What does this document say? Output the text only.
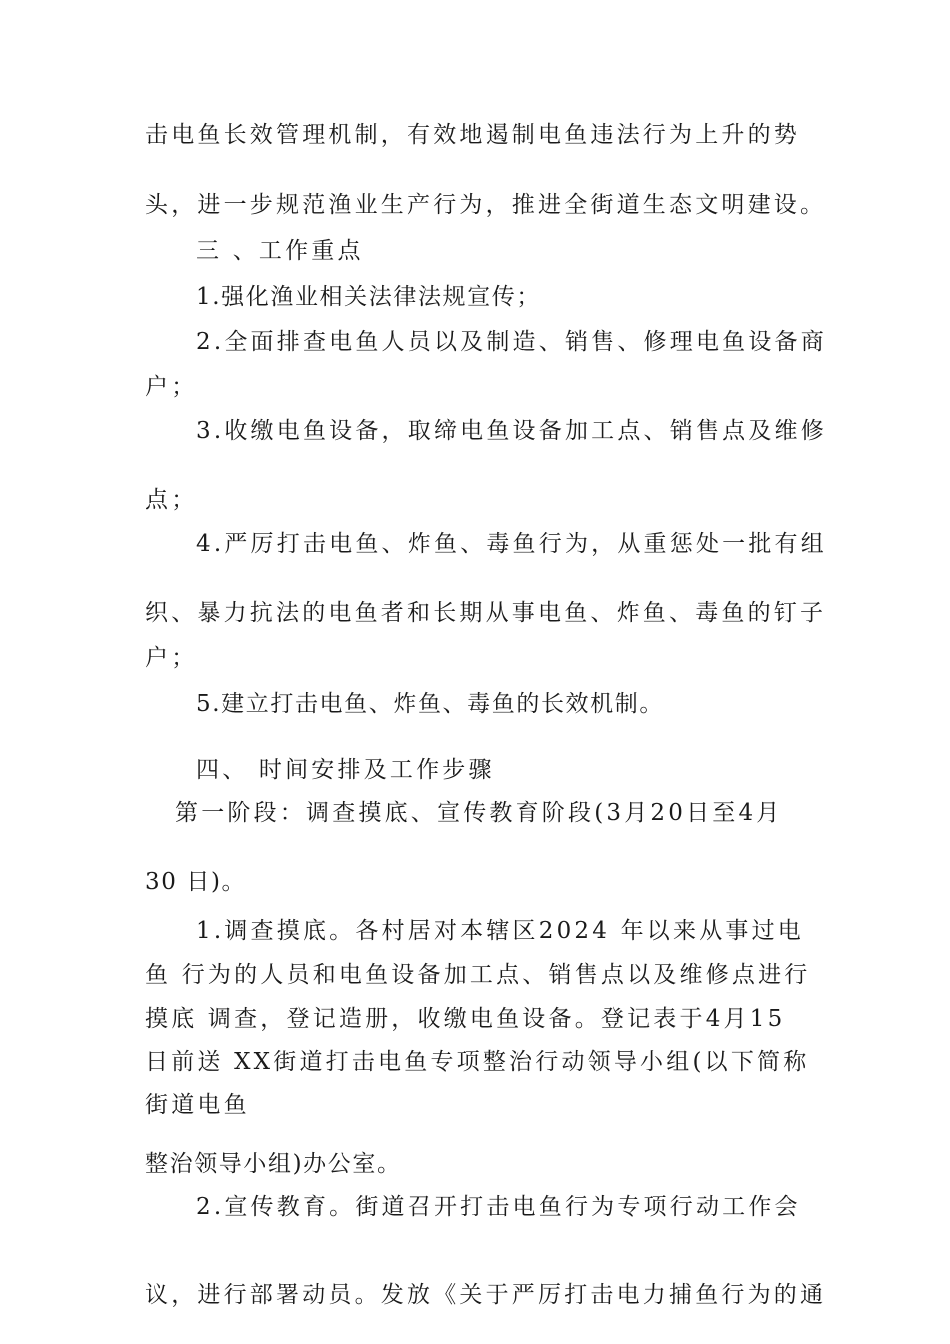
击电鱼长效管理机制，有效地遏制电鱼违法行为上升的势
头，进一步规范渔业生产行为，推进全街道生态文明建设。
三 、工作重点
1.强化渔业相关法律法规宣传；
2.全面排查电鱼人员以及制造、销售、修理电鱼设备商
户；
3.收缴电鱼设备，取缔电鱼设备加工点、销售点及维修
点；
4.严厉打击电鱼、炸鱼、毒鱼行为，从重惩处一批有组
织、暴力抗法的电鱼者和长期从事电鱼、炸鱼、毒鱼的钉子
户；
5.建立打击电鱼、炸鱼、毒鱼的长效机制。
四、 时间安排及工作步骤
第一阶段：调查摸底、宣传教育阶段(3月20日至4月
30 日)。
1.调查摸底。各村居对本辖区2024 年以来从事过电
鱼 行为的人员和电鱼设备加工点、销售点以及维修点进行
摸底 调查，登记造册，收缴电鱼设备。登记表于4月15
日前送 XX街道打击电鱼专项整治行动领导小组(以下简称
街道电鱼
整治领导小组)办公室。
2.宣传教育。街道召开打击电鱼行为专项行动工作会
议，进行部署动员。发放《关于严厉打击电力捕鱼行为的通
